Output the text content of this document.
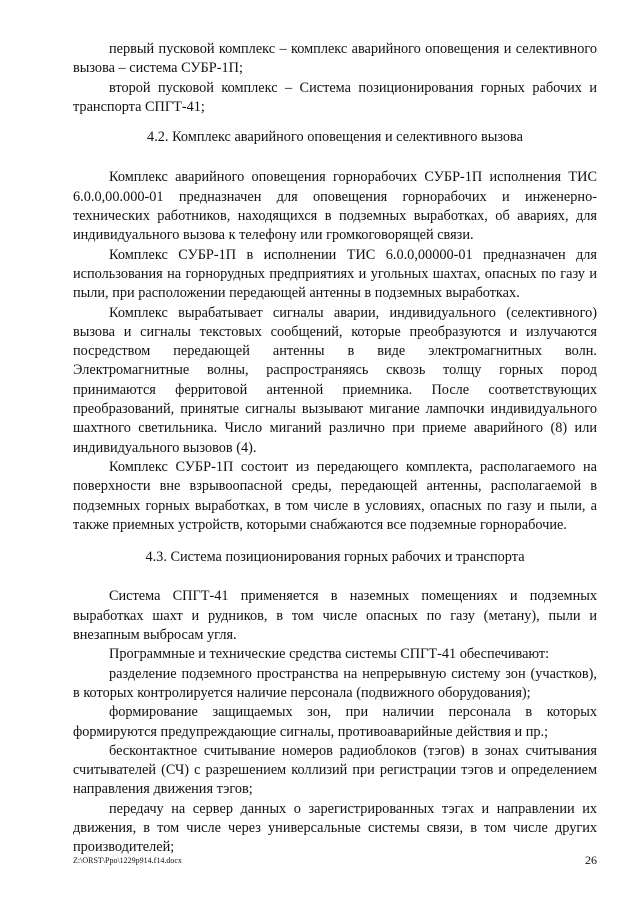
первый пусковой комплекс – комплекс аварийного оповещения и селективного вызова – система СУБР-1П;

второй пусковой комплекс – Система позиционирования горных рабочих и транспорта СПГТ-41;

4.2. Комплекс аварийного оповещения и селективного вызова

Комплекс аварийного оповещения горнорабочих СУБР-1П исполнения ТИС 6.0.0,00.000-01 предназначен для оповещения горнорабочих и инженерно-технических работников, находящихся в подземных выработках, об авариях, для индивидуального вызова к телефону или громкоговорящей связи.

Комплекс СУБР-1П в исполнении ТИС 6.0.0,00000-01 предназначен для использования на горнорудных предприятиях и угольных шахтах, опасных по газу и пыли, при расположении передающей антенны в подземных выработках.

Комплекс вырабатывает сигналы аварии, индивидуального (селективного) вызова и сигналы текстовых сообщений, которые преобразуются и излучаются посредством передающей антенны в виде электромагнитных волн. Электромагнитные волны, распространяясь сквозь толщу горных пород принимаются ферритовой антенной приемника. После соответствующих преобразований, принятые сигналы вызывают мигание лампочки индивидуального шахтного светильника. Число миганий различно при приеме аварийного (8) или индивидуального вызовов (4).

Комплекс СУБР-1П состоит из передающего комплекта, располагаемого на поверхности вне взрывоопасной среды, передающей антенны, располагаемой в подземных горных выработках, в том числе в условиях, опасных по газу и пыли, а также приемных устройств, которыми снабжаются все подземные горнорабочие.

4.3. Система позиционирования горных рабочих и транспорта

Система СПГТ-41 применяется в наземных помещениях и подземных выработках шахт и рудников, в том числе опасных по газу (метану), пыли и внезапным выбросам угля.

Программные и технические средства системы СПГТ-41 обеспечивают:

разделение подземного пространства на непрерывную систему зон (участков), в которых контролируется наличие персонала (подвижного оборудования);

формирование защищаемых зон, при наличии персонала в которых формируются предупреждающие сигналы, противоаварийные действия и пр.;

бесконтактное считывание номеров радиоблоков (тэгов) в зонах считывания считывателей (СЧ) с разрешением коллизий при регистрации тэгов и определением направления движения тэгов;

передачу на сервер данных о зарегистрированных тэгах и направлении их движения, в том числе через универсальные системы связи, в том числе других производителей;

Z:\ORST\Ppo\1229p914.f14.docx	26
